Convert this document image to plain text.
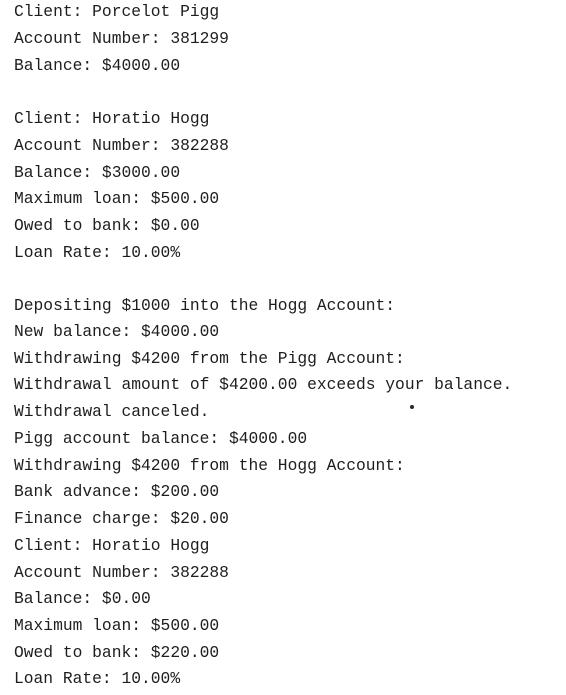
Client: Porcelot Pigg
Account Number: 381299
Balance: $4000.00
Client: Horatio Hogg
Account Number: 382288
Balance: $3000.00
Maximum loan: $500.00
Owed to bank: $0.00
Loan Rate: 10.00%
Depositing $1000 into the Hogg Account:
New balance: $4000.00
Withdrawing $4200 from the Pigg Account:
Withdrawal amount of $4200.00 exceeds your balance.
Withdrawal canceled.
Pigg account balance: $4000.00
Withdrawing $4200 from the Hogg Account:
Bank advance: $200.00
Finance charge: $20.00
Client: Horatio Hogg
Account Number: 382288
Balance: $0.00
Maximum loan: $500.00
Owed to bank: $220.00
Loan Rate: 10.00%
